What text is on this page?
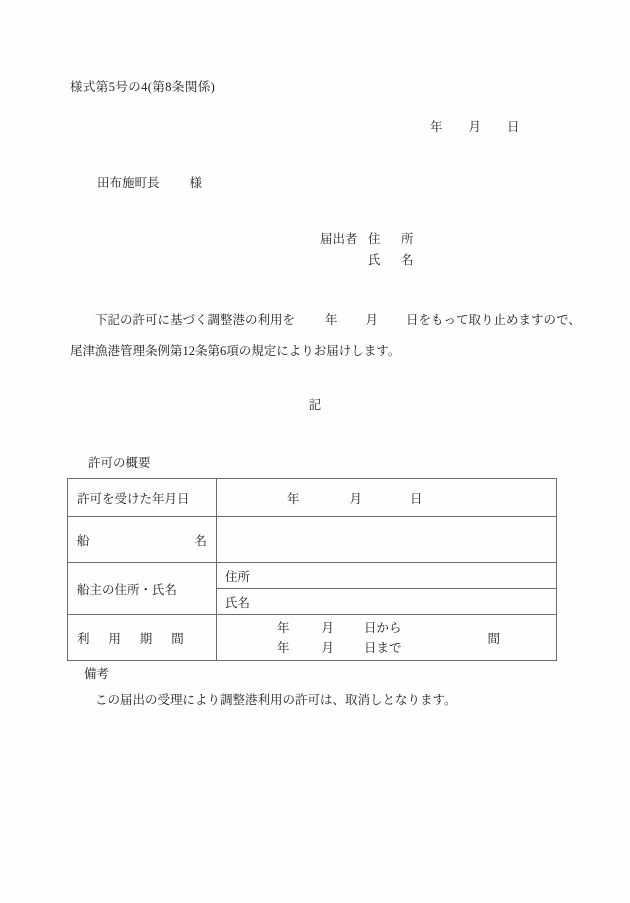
様式第5号の4(第8条関係)
年 月 日
田布施町長 様
届出者 住　所
氏　名
下記の許可に基づく調整港の利用を 年 月 日をもって取り止めますので、
尾津漁港管理条例第12条第6項の規定によりお届けします。
記
許可の概要
許可を受けた年月日	年 月 日

船 名	

船主の住所・氏名	住所
	氏名
利　用　期　間	年 月 日から
年 月 日まで
間
備考
この届出の受理により調整港利用の許可は、取消しとなります。
